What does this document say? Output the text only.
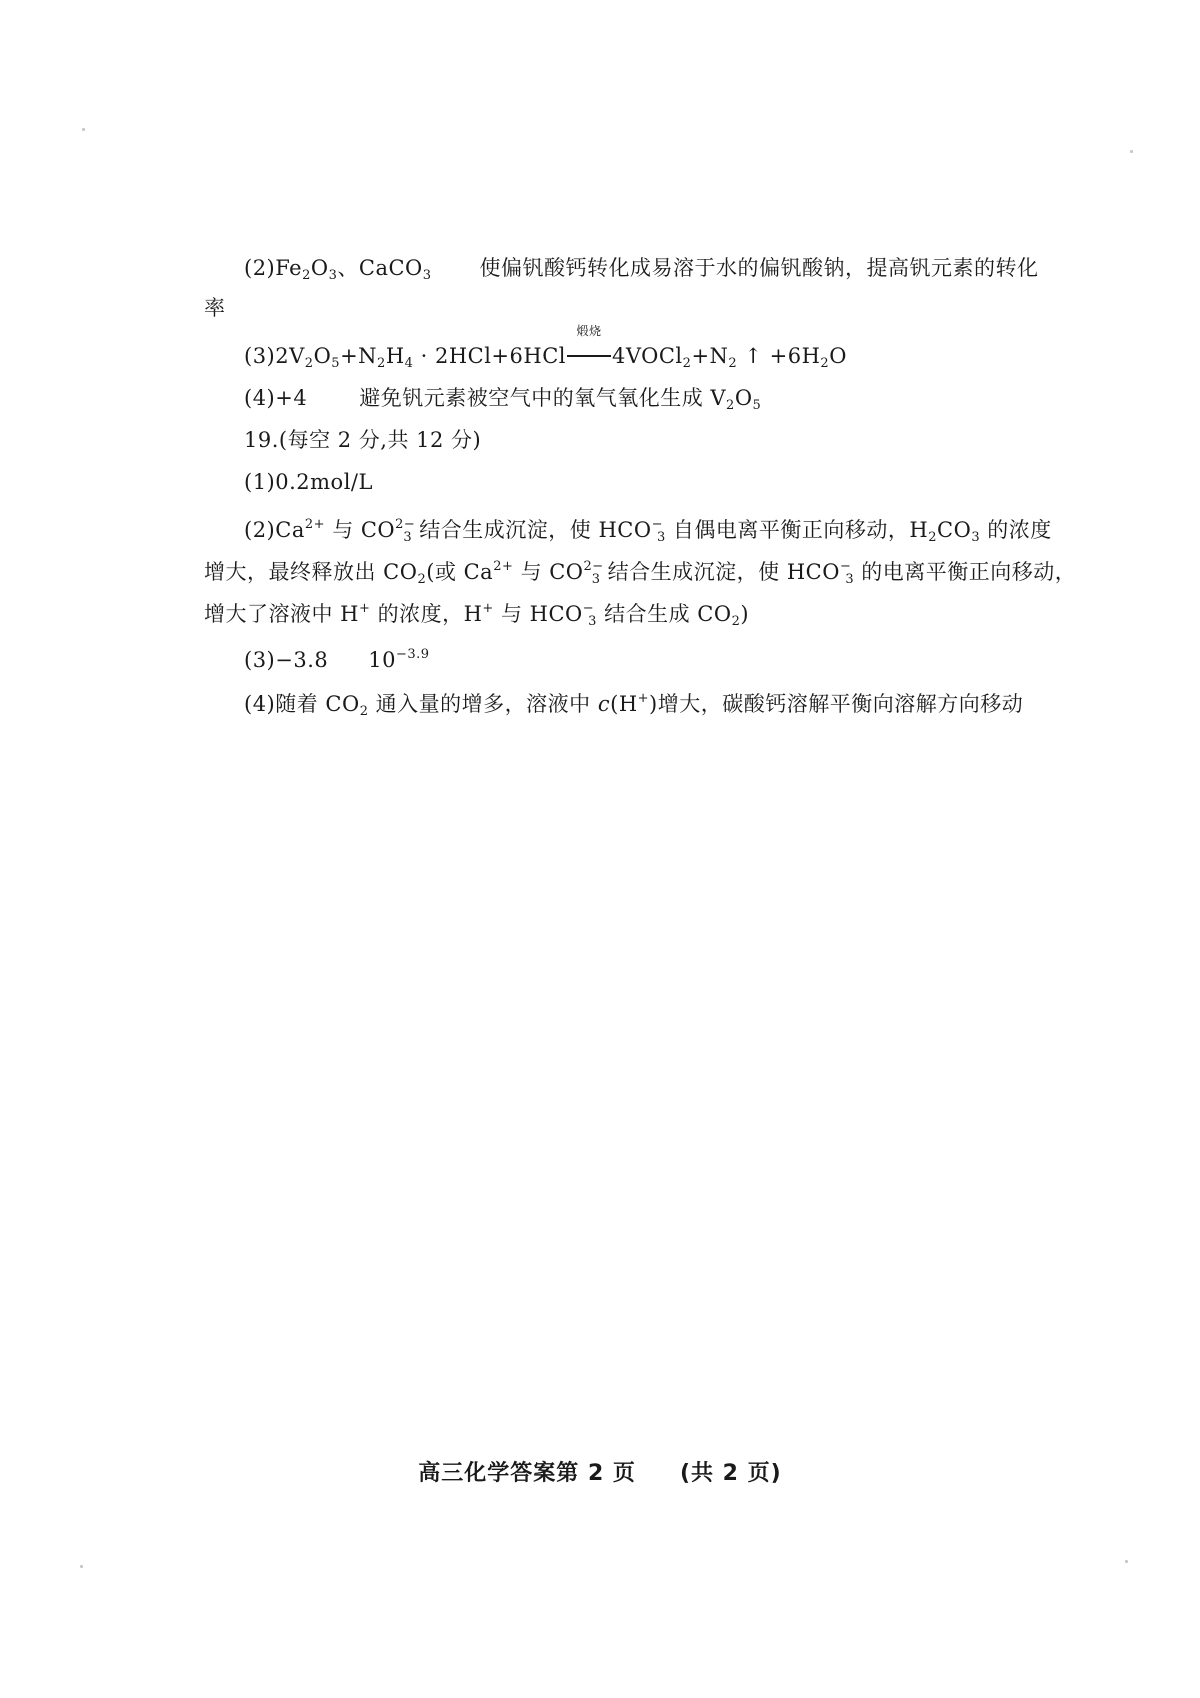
$(2)Fe_2O_3$、CaCO$_3$ 使偏钒酸钙转化成易溶于水的偏钒酸钠，提高钒元素的转化
率
$(3)2V_2O_5+N_2H_4 \cdot 2HCl+6HCl$
煅烧
$4VOCl_2+N_2$ ↑ $+6H_2O$
(4)+4 避免钒元素被空气中的氧气氧化生成 $V_2O_5$
19.(每空 2 分,共 12 分)
(1)0.2mol/L
$(2)Ca^{2+}$ 与 $CO^{2-}_3$ 结合生成沉淀，使 $HCO^-_3$ 自偶电离平衡正向移动，$H_2CO_3$ 的浓度
增大，最终释放出 $CO_2$(或 $Ca^{2+}$ 与 $CO^{2-}_3$ 结合生成沉淀，使 $HCO^-_3$ 的电离平衡正向移动，
增大了溶液中 H+ 的浓度，H+ 与 $HCO^-_3$ 结合生成 $CO_2$)
(3)−3.8 $10^{-3.9}$
(4)随着 $CO_2$ 通入量的增多，溶液中 c(H+)增大，碳酸钙溶解平衡向溶解方向移动
高三化学答案第 2 页 (共 2 页)
